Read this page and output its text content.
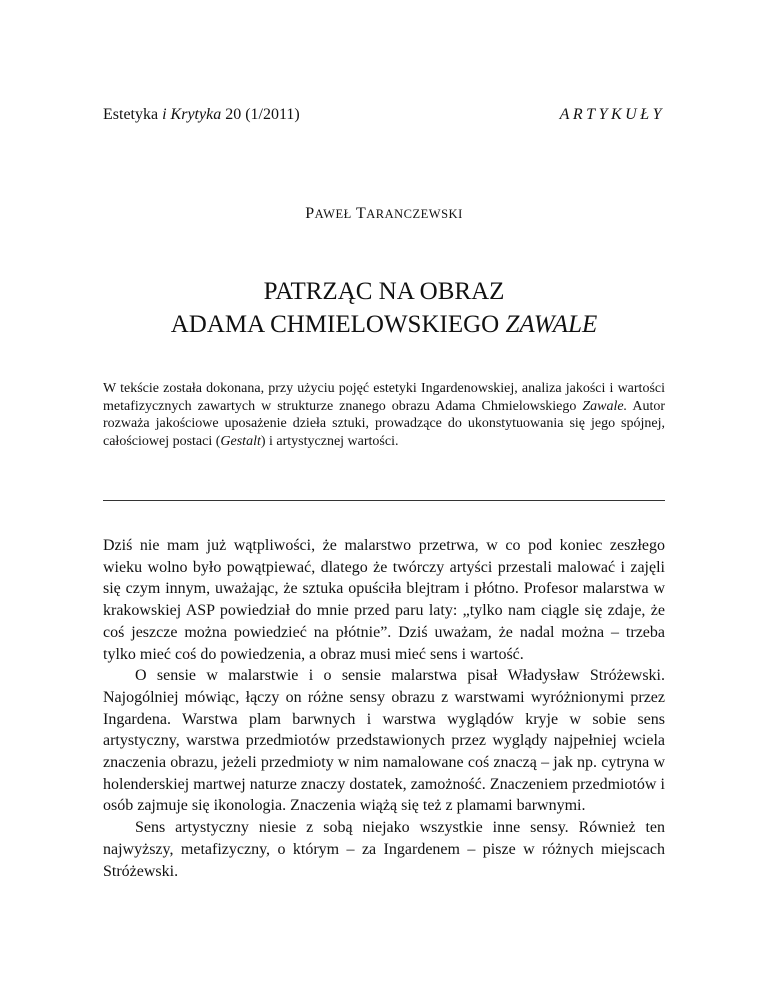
Estetyka i Krytyka 20 (1/2011)	ARTYKUŁY
PAWEŁ TARANCZEWSKI
PATRZĄC NA OBRAZ
ADAMA CHMIELOWSKIEGO ZAWALE
W tekście została dokonana, przy użyciu pojęć estetyki Ingardenowskiej, analiza jakości i wartości metafizycznych zawartych w strukturze znanego obrazu Adama Chmielowskiego Zawale. Autor rozważa jakościowe uposażenie dzieła sztuki, prowadzące do ukonstytuowania się jego spójnej, całościowej postaci (Gestalt) i artystycznej wartości.

Dziś nie mam już wątpliwości, że malarstwo przetrwa, w co pod koniec zeszłego wieku wolno było powątpiewać, dlatego że twórczy artyści przestali malować i zajęli się czym innym, uważając, że sztuka opuściła blejtram i płótno. Profesor malarstwa w krakowskiej ASP powiedział do mnie przed paru laty: „tylko nam ciągle się zdaje, że coś jeszcze można powiedzieć na płótnie”. Dziś uważam, że nadal można – trzeba tylko mieć coś do powiedzenia, a obraz musi mieć sens i wartość.

O sensie w malarstwie i o sensie malarstwa pisał Władysław Stróżewski. Najogólniej mówiąc, łączy on różne sensy obrazu z warstwami wyróżnionymi przez Ingardena. Warstwa plam barwnych i warstwa wyglądów kryje w sobie sens artystyczny, warstwa przedmiotów przedstawionych przez wyglądy najpełniej wciela znaczenia obrazu, jeżeli przedmioty w nim namalowane coś znaczą – jak np. cytryna w holenderskiej martwej naturze znaczy dostatek, zamożność. Znaczeniem przedmiotów i osób zajmuje się ikonologia. Znaczenia wiążą się też z plamami barwnymi.

Sens artystyczny niesie z sobą niejako wszystkie inne sensy. Również ten najwyższy, metafizyczny, o którym – za Ingardenem – pisze w różnych miejscach Stróżewski.
